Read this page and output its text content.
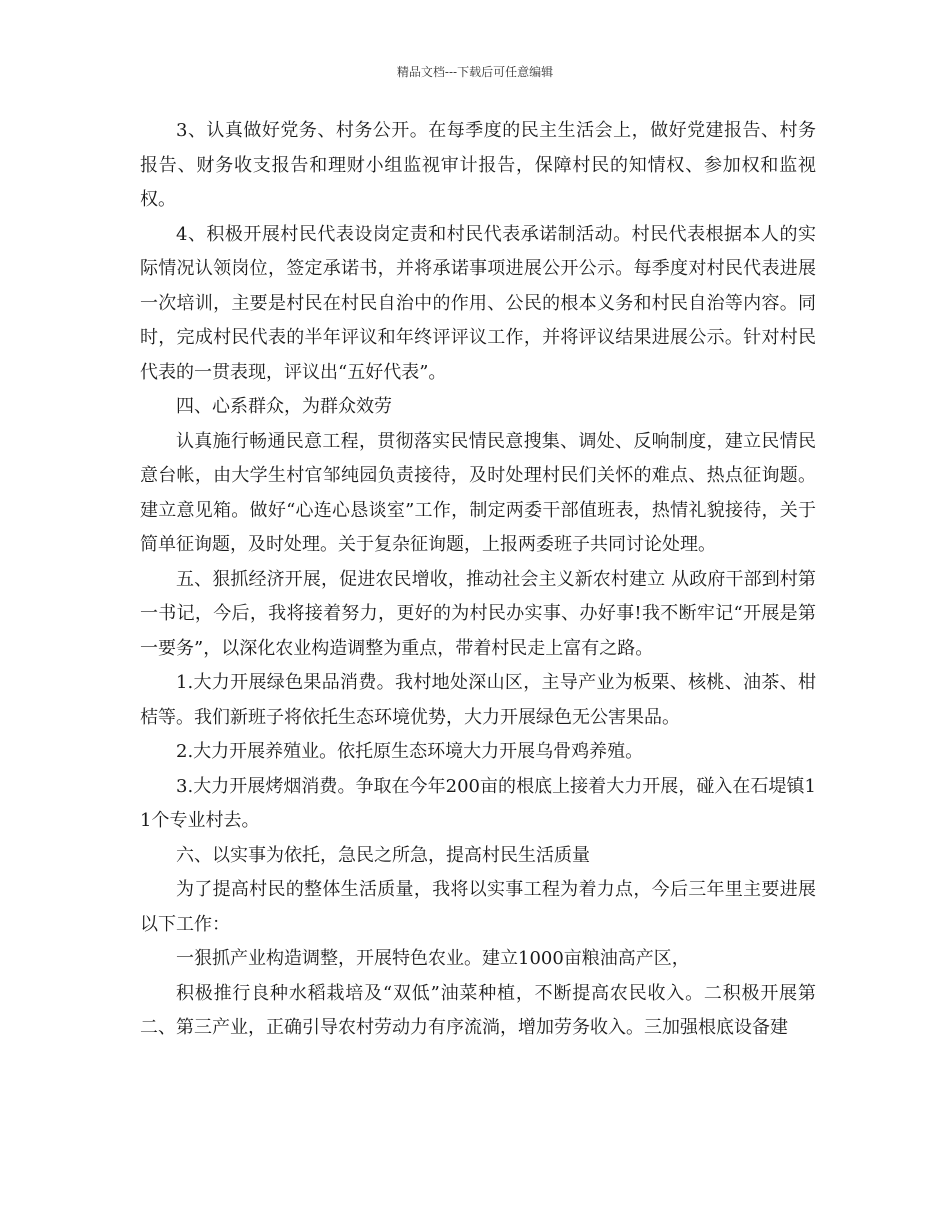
精品文档---下载后可任意编辑

3、认真做好党务、村务公开。在每季度的民主生活会上，做好党建报告、村务报告、财务收支报告和理财小组监视审计报告，保障村民的知情权、参加权和监视权。

4、积极开展村民代表设岗定责和村民代表承诺制活动。村民代表根据本人的实际情况认领岗位，签定承诺书，并将承诺事项进展公开公示。每季度对村民代表进展一次培训，主要是村民在村民自治中的作用、公民的根本义务和村民自治等内容。同时，完成村民代表的半年评议和年终评评议工作，并将评议结果进展公示。针对村民代表的一贯表现，评议出“五好代表”。

四、心系群众，为群众效劳

认真施行畅通民意工程，贯彻落实民情民意搜集、调处、反响制度，建立民情民意台帐，由大学生村官邹纯园负责接待，及时处理村民们关怀的难点、热点征询题。建立意见箱。做好“心连心恳谈室”工作，制定两委干部值班表，热情礼貌接待，关于简单征询题，及时处理。关于复杂征询题，上报两委班子共同讨论处理。

五、狠抓经济开展，促进农民增收，推动社会主义新农村建立 从政府干部到村第一书记，今后，我将接着努力，更好的为村民办实事、办好事!我不断牢记“开展是第一要务”，以深化农业构造调整为重点，带着村民走上富有之路。

1.大力开展绿色果品消费。我村地处深山区，主导产业为板栗、核桃、油茶、柑桔等。我们新班子将依托生态环境优势，大力开展绿色无公害果品。

2.大力开展养殖业。依托原生态环境大力开展乌骨鸡养殖。

3.大力开展烤烟消费。争取在今年200亩的根底上接着大力开展，碰入在石堤镇11个专业村去。

六、以实事为依托，急民之所急，提高村民生活质量

为了提高村民的整体生活质量，我将以实事工程为着力点，今后三年里主要进展以下工作：

一狠抓产业构造调整，开展特色农业。建立1000亩粮油高产区，

积极推行良种水稻栽培及“双低”油菜种植，不断提高农民收入。二积极开展第二、第三产业，正确引导农村劳动力有序流淌，增加劳务收入。三加强根底设备建
